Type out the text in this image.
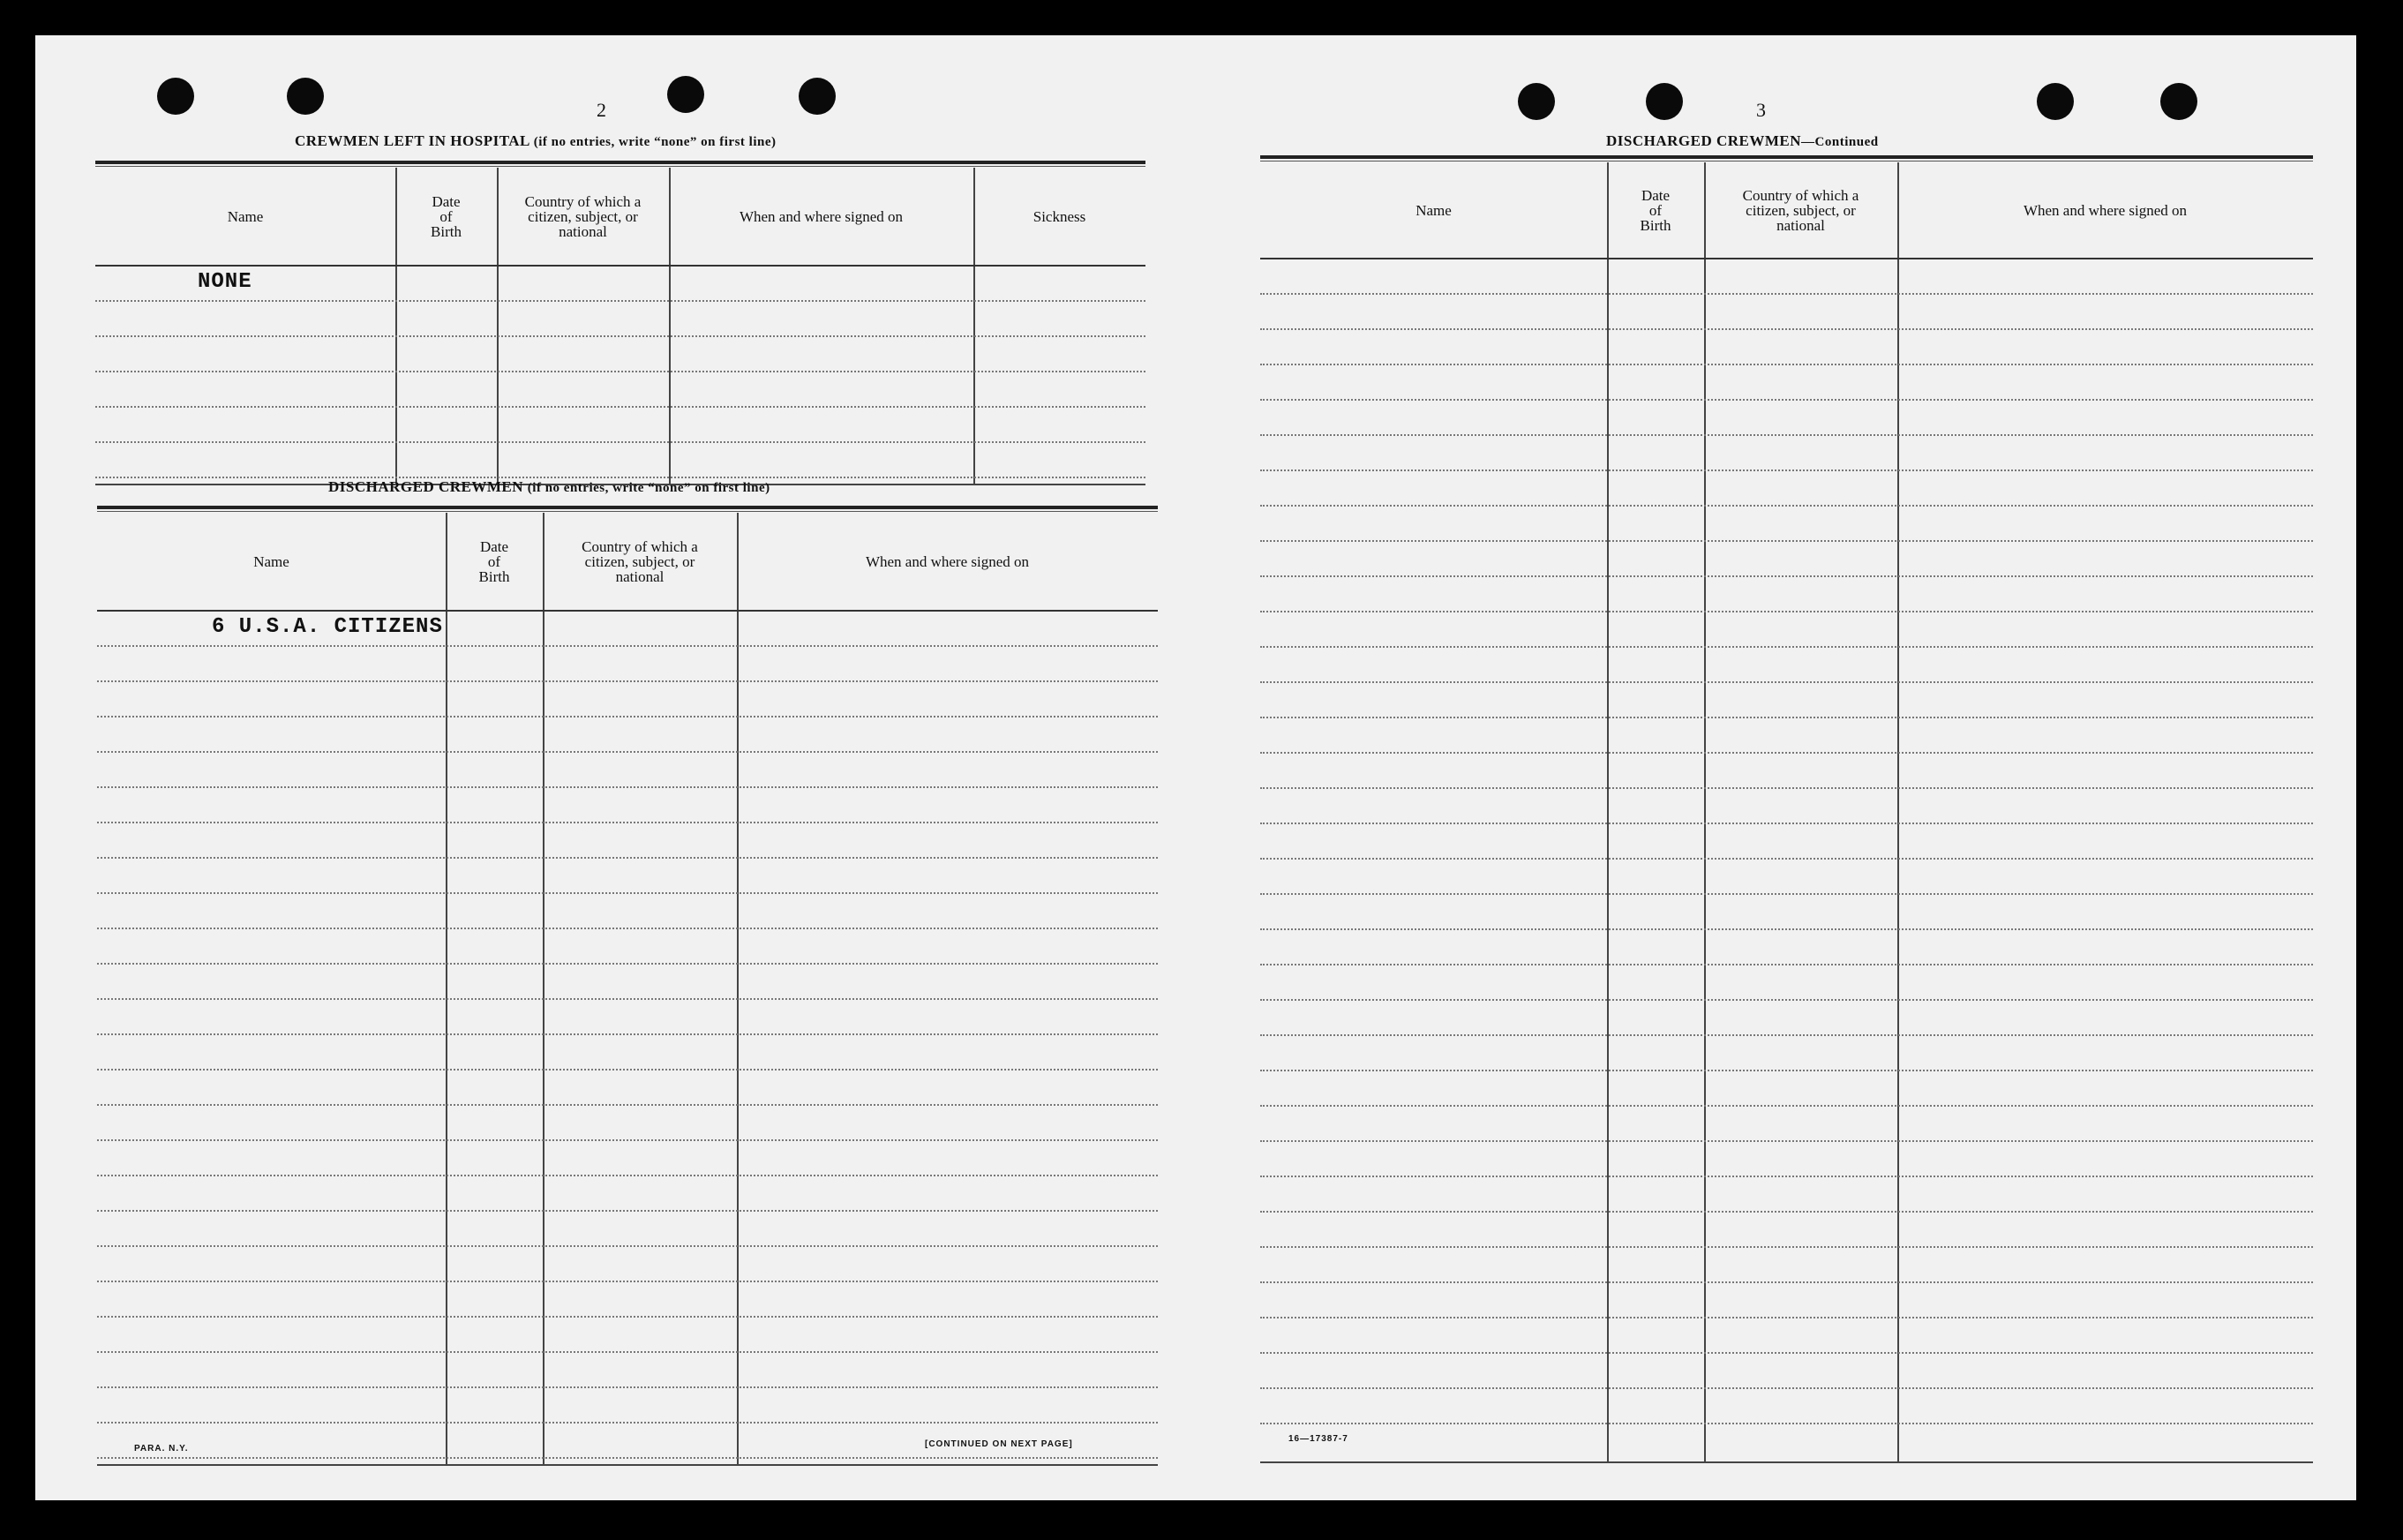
2
CREWMEN LEFT IN HOSPITAL (if no entries, write “none” on first line)
Name
Date
of
Birth
Country of which a
citizen, subject, or
national
When and where signed on	Sickness
NONE
DISCHARGED CREWMEN (if no entries, write “none” on first line)
Name
Date
of
Birth
Country of which a
citizen, subject, or
national
When and where signed on
6 U.S.A. CITIZENS
PARA. N.Y.	[CONTINUED ON NEXT PAGE]
3
DISCHARGED CREWMEN—Continued
Name
Date
of
Birth
Country of which a
citizen, subject, or
national
When and where signed on
16—17387-7
